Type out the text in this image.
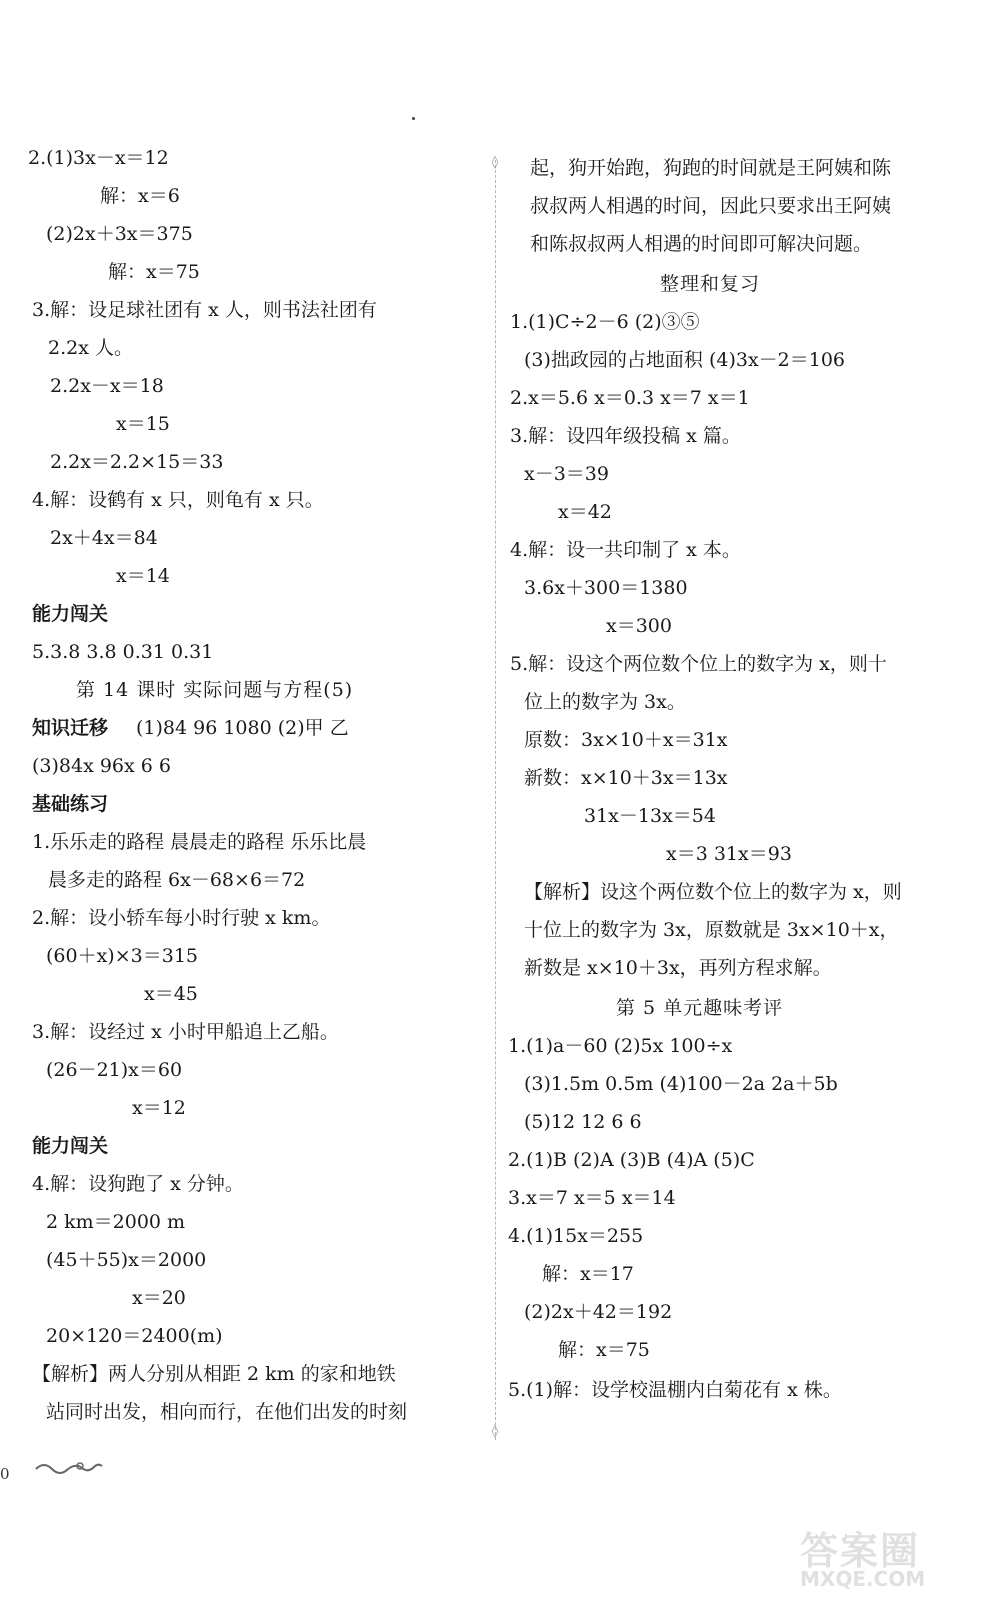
2.(1)3x－x＝12
解：x＝6
(2)2x＋3x＝375
解：x＝75
3.解：设足球社团有 x 人，则书法社团有
2.2x 人。
2.2x－x＝18
x＝15
2.2x＝2.2×15＝33
4.解：设鹤有 x 只，则龟有 x 只。
2x＋4x＝84
x＝14
能力闯关
5.3.8 3.8 0.31 0.31
第 14 课时 实际问题与方程(5)
知识迁移 (1)84 96 1080 (2)甲 乙
(3)84x 96x 6 6
基础练习
1.乐乐走的路程 晨晨走的路程 乐乐比晨
晨多走的路程 6x－68×6＝72
2.解：设小轿车每小时行驶 x km。
(60＋x)×3＝315
x＝45
3.解：设经过 x 小时甲船追上乙船。
(26－21)x＝60
x＝12
能力闯关
4.解：设狗跑了 x 分钟。
2 km＝2000 m
(45＋55)x＝2000
x＝20
20×120＝2400(m)
【解析】两人分别从相距 2 km 的家和地铁
站同时出发，相向而行，在他们出发的时刻
◊
◊
起，狗开始跑，狗跑的时间就是王阿姨和陈
叔叔两人相遇的时间，因此只要求出王阿姨
和陈叔叔两人相遇的时间即可解决问题。
整理和复习
1.(1)C÷2－6 (2)③⑤
(3)拙政园的占地面积 (4)3x－2＝106
2.x＝5.6 x＝0.3 x＝7 x＝1
3.解：设四年级投稿 x 篇。
x－3＝39
x＝42
4.解：设一共印制了 x 本。
3.6x＋300＝1380
x＝300
5.解：设这个两位数个位上的数字为 x，则十
位上的数字为 3x。
原数：3x×10＋x＝31x
新数：x×10＋3x＝13x
31x－13x＝54
x＝3 31x＝93
【解析】设这个两位数个位上的数字为 x，则
十位上的数字为 3x，原数就是 3x×10＋x，
新数是 x×10＋3x，再列方程求解。
第 5 单元趣味考评
1.(1)a－60 (2)5x 100÷x
(3)1.5m 0.5m (4)100－2a 2a＋5b
(5)12 12 6 6
2.(1)B (2)A (3)B (4)A (5)C
3.x＝7 x＝5 x＝14
4.(1)15x＝255
解：x＝17
(2)2x＋42＝192
解：x＝75
5.(1)解：设学校温棚内白菊花有 x 株。
0
答案圈
MXQE.COM
